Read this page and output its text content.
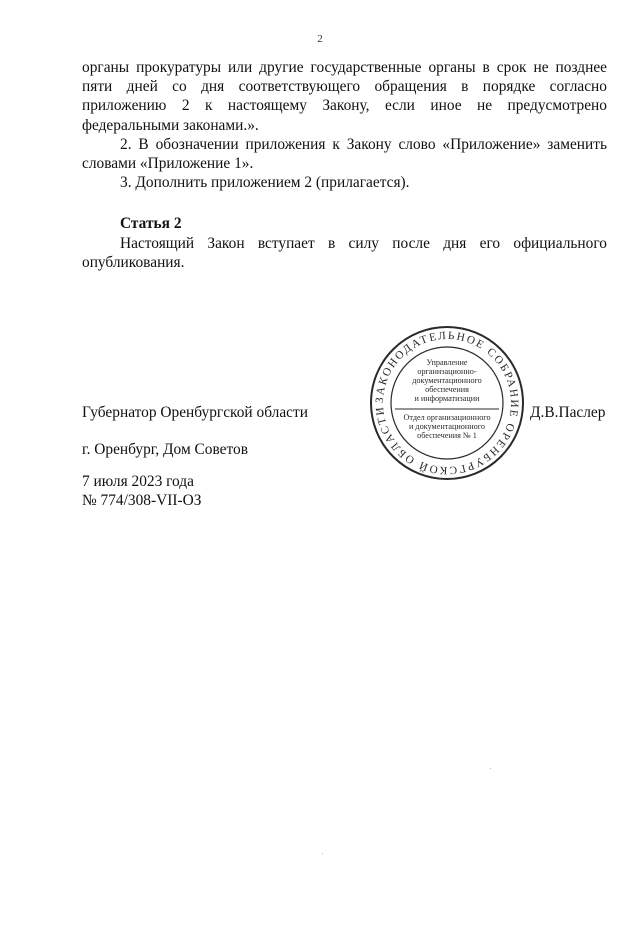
2

органы прокуратуры или другие государственные органы в срок не позднее пяти дней со дня соответствующего обращения в порядке согласно приложению 2 к настоящему Закону, если иное не предусмотрено федеральными законами.».

2. В обозначении приложения к Закону слово «Приложение» заменить словами «Приложение 1».

3. Дополнить приложением 2 (прилагается).

Статья 2

Настоящий Закон вступает в силу после дня его официального опубликования.

Губернатор Оренбургской области	Д.В.Паслер
г. Оренбург, Дом Советов
7 июля 2023 года
№ 774/308-VII-ОЗ
ЗАКОНОДАТЕЛЬНОЕ СОБРАНИЕ ОРЕНБУРГСКОЙ ОБЛАСТИ
Управление
организационно-
документационного
обеспечения
и информатизации
Отдел организационного
и документационного
обеспечения № 1
